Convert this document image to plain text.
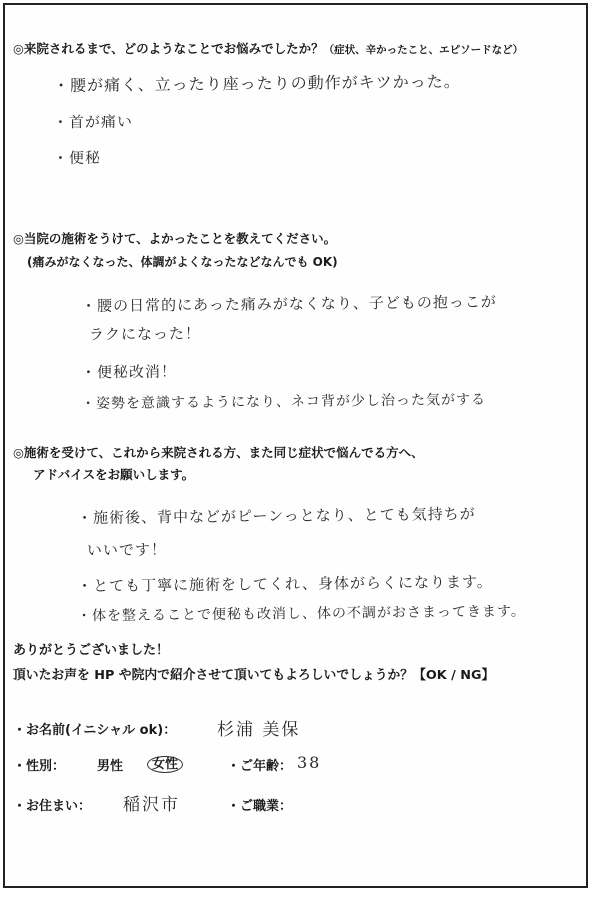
◎来院されるまで、どのようなことでお悩みでしたか？（症状、辛かったこと、エピソードなど）
・腰が痛く、立ったり座ったりの動作がキツかった。
・首が痛い
・便秘
◎当院の施術をうけて、よかったことを教えてください。
(痛みがなくなった、体調がよくなったなどなんでも OK)
・腰の日常的にあった痛みがなくなり、子どもの抱っこが
ラクになった！
・便秘改消！
・姿勢を意識するようになり、ネコ背が少し治った気がする
◎施術を受けて、これから来院される方、また同じ症状で悩んでる方へ、
アドバイスをお願いします。
・施術後、背中などがピーンっとなり、とても気持ちが
いいです！
・とても丁寧に施術をしてくれ、身体がらくになります。
・体を整えることで便秘も改消し、体の不調がおさまってきます。
ありがとうございました！
頂いたお声を HP や院内で紹介させて頂いてもよろしいでしょうか？【OK / NG】
・お名前(イニシャル ok)： 杉浦 美保
・性別： 男性 女性	・ご年齢： 38
・お住まい： 稲沢市	・ご職業：
